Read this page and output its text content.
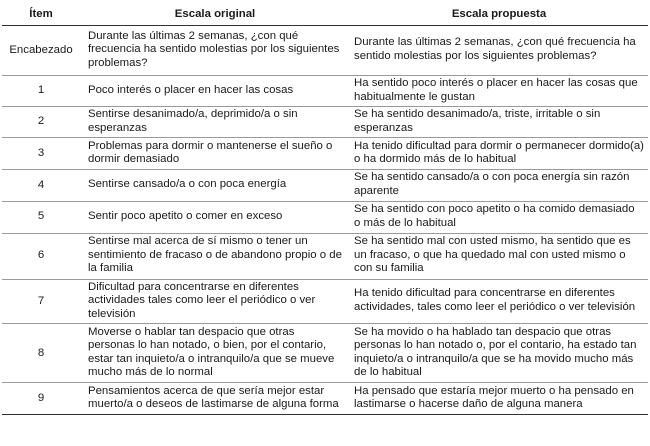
Ítem	Escala original	Escala propuesta
Encabezado	Durante las últimas 2 semanas, ¿con qué frecuencia ha sentido molestias por los siguientes problemas?	Durante las últimas 2 semanas, ¿con qué frecuencia ha sentido molestias por los siguientes problemas?
1	Poco interés o placer en hacer las cosas	Ha sentido poco interés o placer en hacer las cosas que habitualmente le gustan
2	Sentirse desanimado/a, deprimido/a o sin esperanzas	Se ha sentido desanimado/a, triste, irritable o sin esperanzas
3	Problemas para dormir o mantenerse el sueño o dormir demasiado	Ha tenido dificultad para dormir o permanecer dormido(a) o ha dormido más de lo habitual
4	Sentirse cansado/a o con poca energía	Se ha sentido cansado/a o con poca energía sin razón aparente
5	Sentir poco apetito o comer en exceso	Se ha sentido con poco apetito o ha comido demasiado o más de lo habitual
6	Sentirse mal acerca de sí mismo o tener un sentimiento de fracaso o de abandono propio o de la familia	Se ha sentido mal con usted mismo, ha sentido que es un fracaso, o que ha quedado mal con usted mismo o con su familia
7	Dificultad para concentrarse en diferentes actividades tales como leer el periódico o ver televisión	Ha tenido dificultad para concentrarse en diferentes actividades, tales como leer el periódico o ver televisión
8	Moverse o hablar tan despacio que otras personas lo han notado, o bien, por el contario, estar tan inquieto/a o intranquilo/a que se mueve mucho más de lo normal	Se ha movido o ha hablado tan despacio que otras personas lo han notado o, por el contario, ha estado tan inquieto/a o intranquilo/a que se ha movido mucho más de lo habitual
9	Pensamientos acerca de que sería mejor estar muerto/a o deseos de lastimarse de alguna forma	Ha pensado que estaría mejor muerto o ha pensado en lastimarse o hacerse daño de alguna manera
